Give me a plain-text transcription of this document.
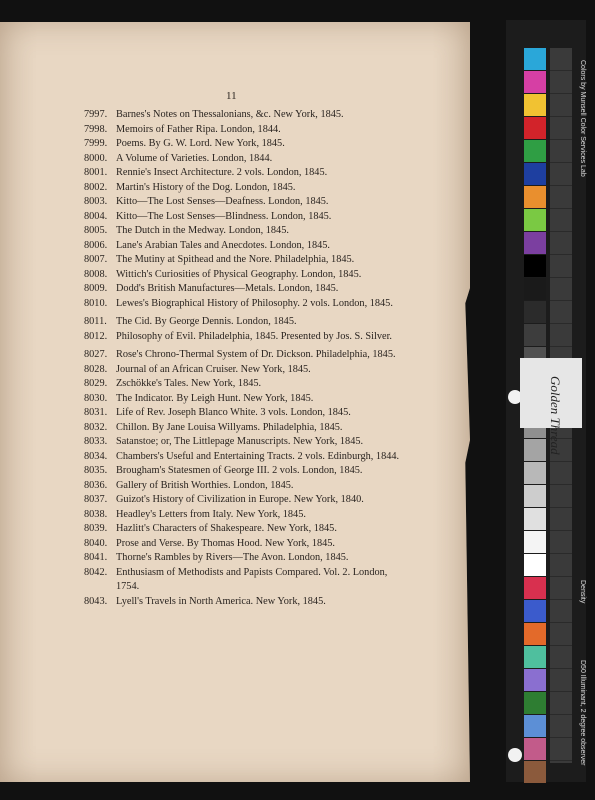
11
7997. Barnes's Notes on Thessalonians, &c. New York, 1845.
7998. Memoirs of Father Ripa. London, 1844.
7999. Poems. By G. W. Lord. New York, 1845.
8000. A Volume of Varieties. London, 1844.
8001. Rennie's Insect Architecture. 2 vols. London, 1845.
8002. Martin's History of the Dog. London, 1845.
8003. Kitto—The Lost Senses—Deafness. London, 1845.
8004. Kitto—The Lost Senses—Blindness. London, 1845.
8005. The Dutch in the Medway. London, 1845.
8006. Lane's Arabian Tales and Anecdotes. London, 1845.
8007. The Mutiny at Spithead and the Nore. Philadelphia, 1845.
8008. Wittich's Curiosities of Physical Geography. London, 1845.
8009. Dodd's British Manufactures—Metals. London, 1845.
8010. Lewes's Biographical History of Philosophy. 2 vols. London, 1845.
8011. The Cid. By George Dennis. London, 1845.
8012. Philosophy of Evil. Philadelphia, 1845. Presented by Jos. S. Silver.
8027. Rose's Chrono-Thermal System of Dr. Dickson. Philadelphia, 1845.
8028. Journal of an African Cruiser. New York, 1845.
8029. Zschökke's Tales. New York, 1845.
8030. The Indicator. By Leigh Hunt. New York, 1845.
8031. Life of Rev. Joseph Blanco White. 3 vols. London, 1845.
8032. Chillon. By Jane Louisa Willyams. Philadelphia, 1845.
8033. Satanstoe; or, The Littlepage Manuscripts. New York, 1845.
8034. Chambers's Useful and Entertaining Tracts. 2 vols. Edinburgh, 1844.
8035. Brougham's Statesmen of George III. 2 vols. London, 1845.
8036. Gallery of British Worthies. London, 1845.
8037. Guizot's History of Civilization in Europe. New York, 1840.
8038. Headley's Letters from Italy. New York, 1845.
8039. Hazlitt's Characters of Shakespeare. New York, 1845.
8040. Prose and Verse. By Thomas Hood. New York, 1845.
8041. Thorne's Rambles by Rivers—The Avon. London, 1845.
8042. Enthusiasm of Methodists and Papists Compared. Vol. 2. London, 1754.
8043. Lyell's Travels in North America. New York, 1845.
Colors by Munsell Color Services Lab
Density
D50 Illuminant, 2 degree observer
Golden Thread
